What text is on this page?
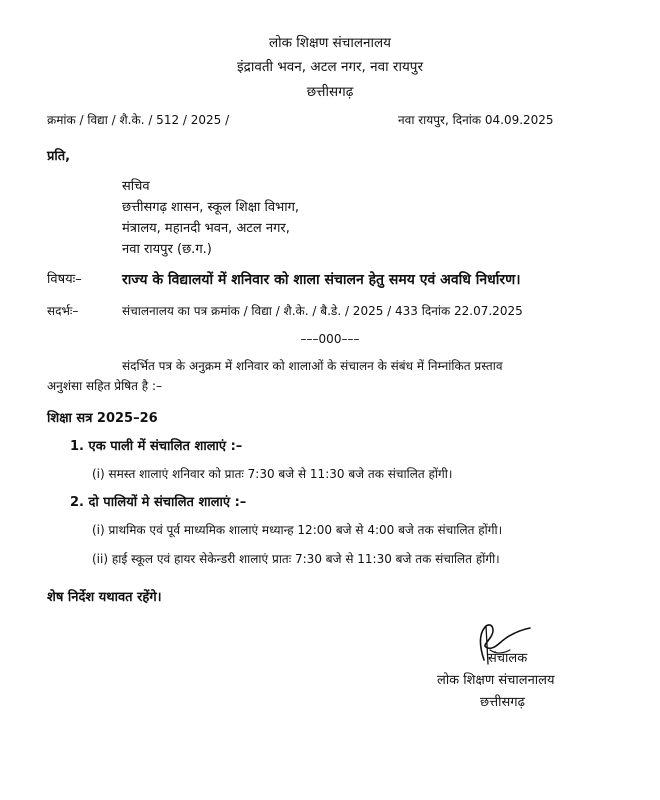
लोक शिक्षण संचालनालय
इंद्रावती भवन, अटल नगर, नवा रायपुर
छत्तीसगढ़
क्रमांक / विद्या / शै.के. / 512 / 2025 /	नवा रायपुर, दिनांक 04.09.2025
प्रति,
सचिव
छत्तीसगढ़ शासन, स्कूल शिक्षा विभाग,
मंत्रालय, महानदी भवन, अटल नगर,
नवा रायपुर (छ.ग.)
विषयः–	राज्य के विद्यालयों में शनिवार को शाला संचालन हेतु समय एवं अवधि निर्धारण।
सदर्भः–	संचालनालय का पत्र क्रमांक / विद्या / शै.के. / बै.डे. / 2025 / 433 दिनांक 22.07.2025
–––000–––
संदर्भित पत्र के अनुक्रम में शनिवार को शालाओं के संचालन के संबंध में निम्नांकित प्रस्ताव
अनुशंसा सहित प्रेषित है :–
शिक्षा सत्र 2025–26
1. एक पाली में संचालित शालाएं :–
(i) समस्त शालाएं शनिवार को प्रातः 7:30 बजे से 11:30 बजे तक संचालित होंगी।
2. दो पालियों मे संचालित शालाएं :–
(i) प्राथमिक एवं पूर्व माध्यमिक शालाएं मध्यान्ह 12:00 बजे से 4:00 बजे तक संचालित होंगी।
(ii) हाई स्कूल एवं हायर सेकेन्डरी शालाएं प्रातः 7:30 बजे से 11:30 बजे तक संचालित होंगी।
शेष निर्देश यथावत रहेंगे।
संचालक
लोक शिक्षण संचालनालय
छत्तीसगढ़
